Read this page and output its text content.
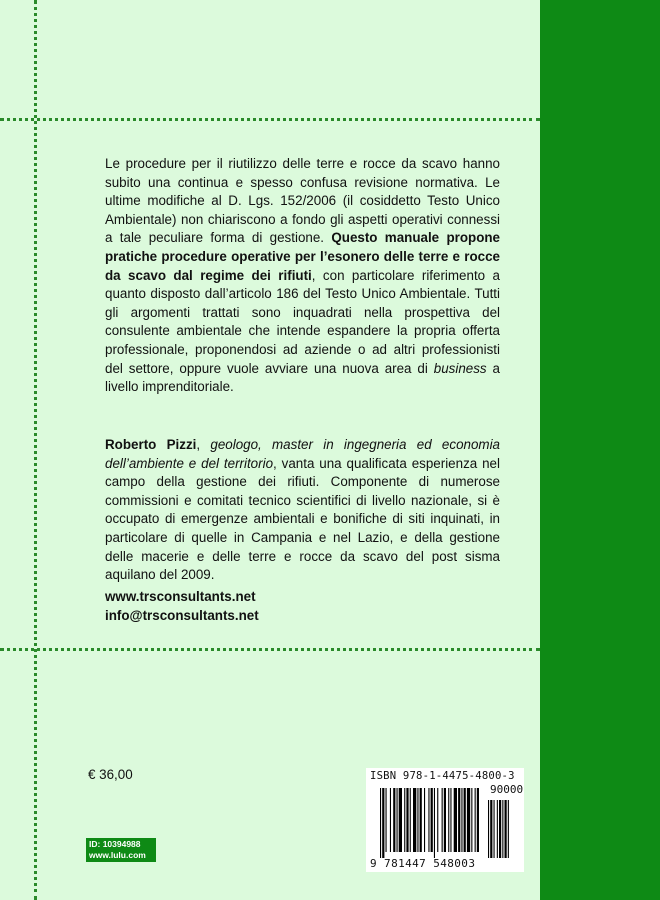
Le procedure per il riutilizzo delle terre e rocce da scavo hanno subito una continua e spesso confusa revisione normativa. Le ultime modifiche al D. Lgs. 152/2006 (il cosiddetto Testo Unico Ambientale) non chiariscono a fondo gli aspetti operativi connessi a tale peculiare forma di gestione. Questo manuale propone pratiche procedure operative per l’esonero delle terre e rocce da scavo dal regime dei rifiuti, con particolare riferimento a quanto disposto dall’articolo 186 del Testo Unico Ambientale. Tutti gli argomenti trattati sono inquadrati nella prospettiva del consulente ambientale che intende espandere la propria offerta professionale, proponendosi ad aziende o ad altri professionisti del settore, oppure vuole avviare una nuova area di business a livello imprenditoriale.

Roberto Pizzi, geologo, master in ingegneria ed economia dell’ambiente e del territorio, vanta una qualificata esperienza nel campo della gestione dei rifiuti. Componente di numerose commissioni e comitati tecnico scientifici di livello nazionale, si è occupato di emergenze ambientali e bonifiche di siti inquinati, in particolare di quelle in Campania e nel Lazio, e della gestione delle macerie e delle terre e rocce da scavo del post sisma aquilano del 2009.

www.trsconsultants.net
info@trsconsultants.net
€ 36,00
ID: 10394988
www.lulu.com
ISBN 978-1-4475-4800-3
90000
9 781447 548003
